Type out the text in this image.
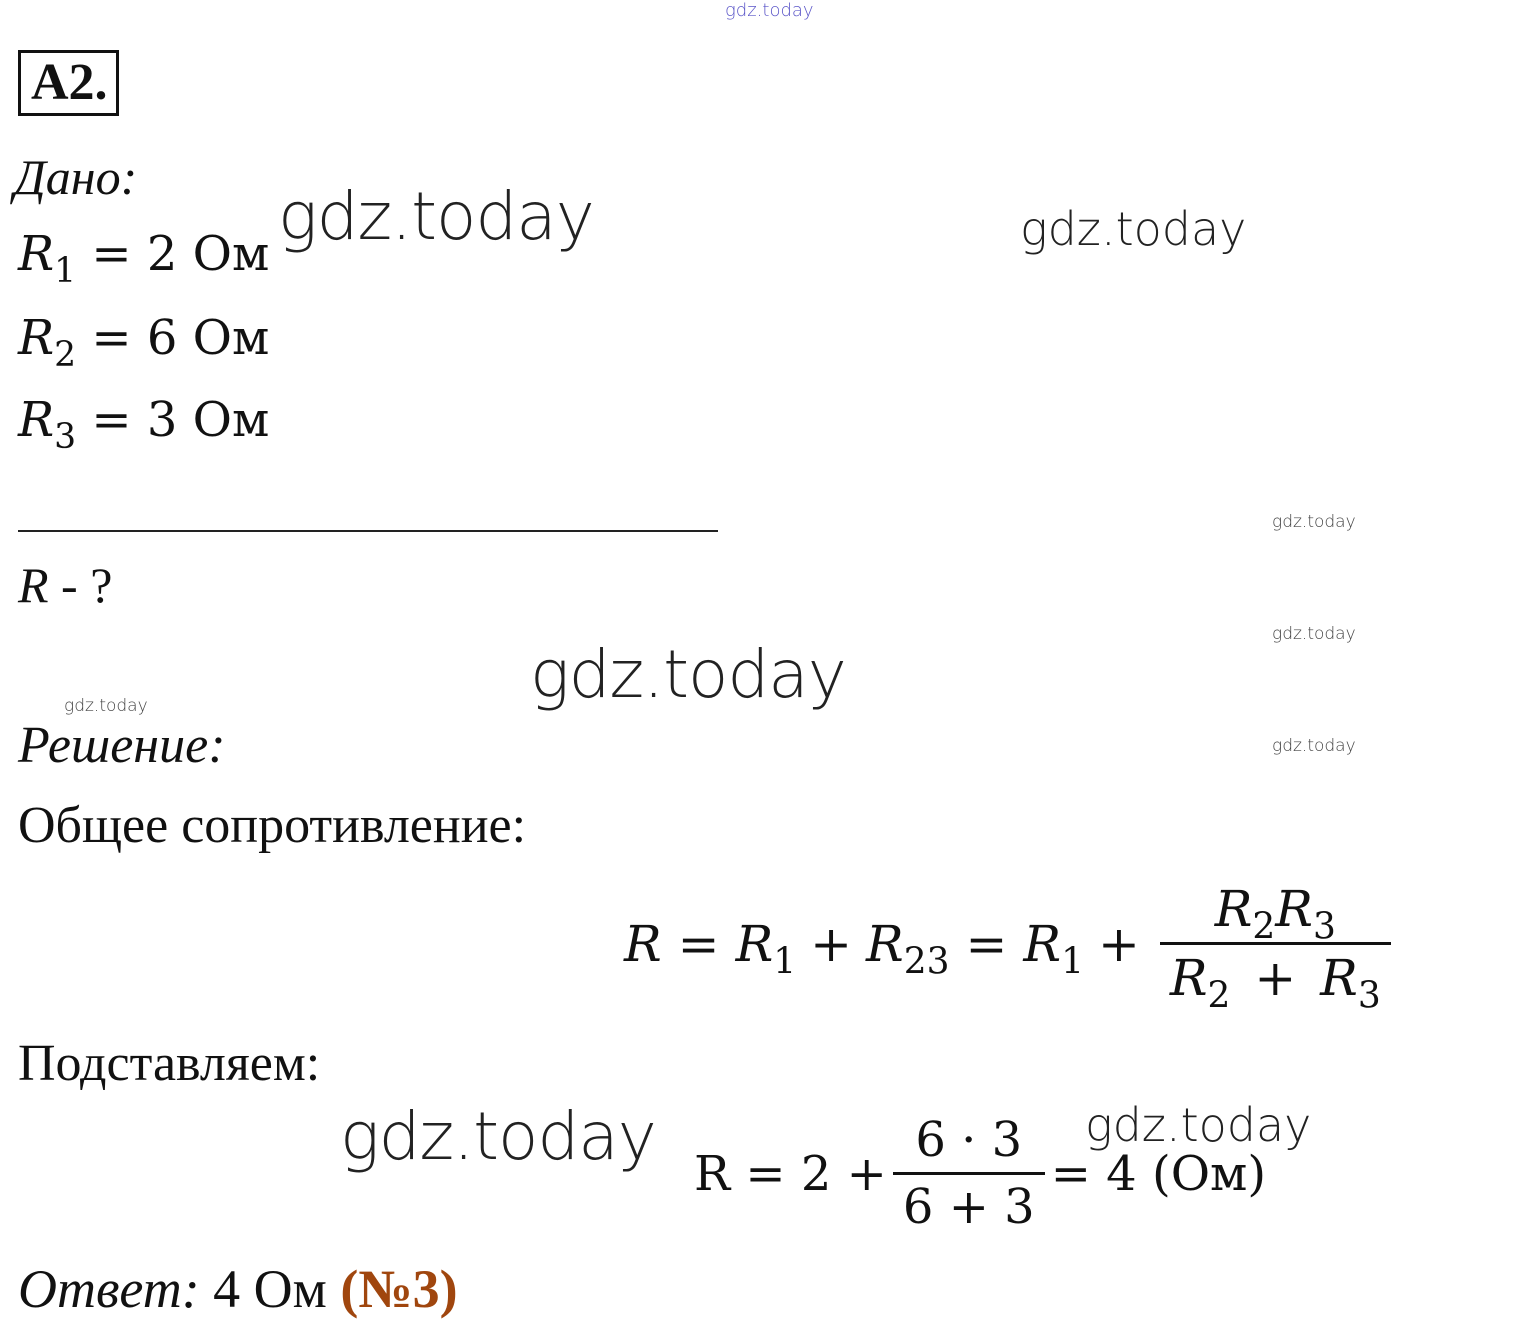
gdz.today
gdz.today	gdz.today
gdz.today
gdz.today
gdz.today
gdz.today	gdz.today
gdz.today	gdz.today
А2.
Дано:
$R_1 = 2$ Ом
$R_2 = 6$ Ом
$R_3 = 3$ Ом
R - ?
Решение:
Общее сопротивление:
$R = R_1 + R_{23} = R_1 + \frac{R_2R_3}{R_2 + R_3}$
Подставляем:
$R = 2 + \frac{6 \cdot 3}{6 + 3} = 4$ (Ом)
Ответ: 4 Ом (№3)
